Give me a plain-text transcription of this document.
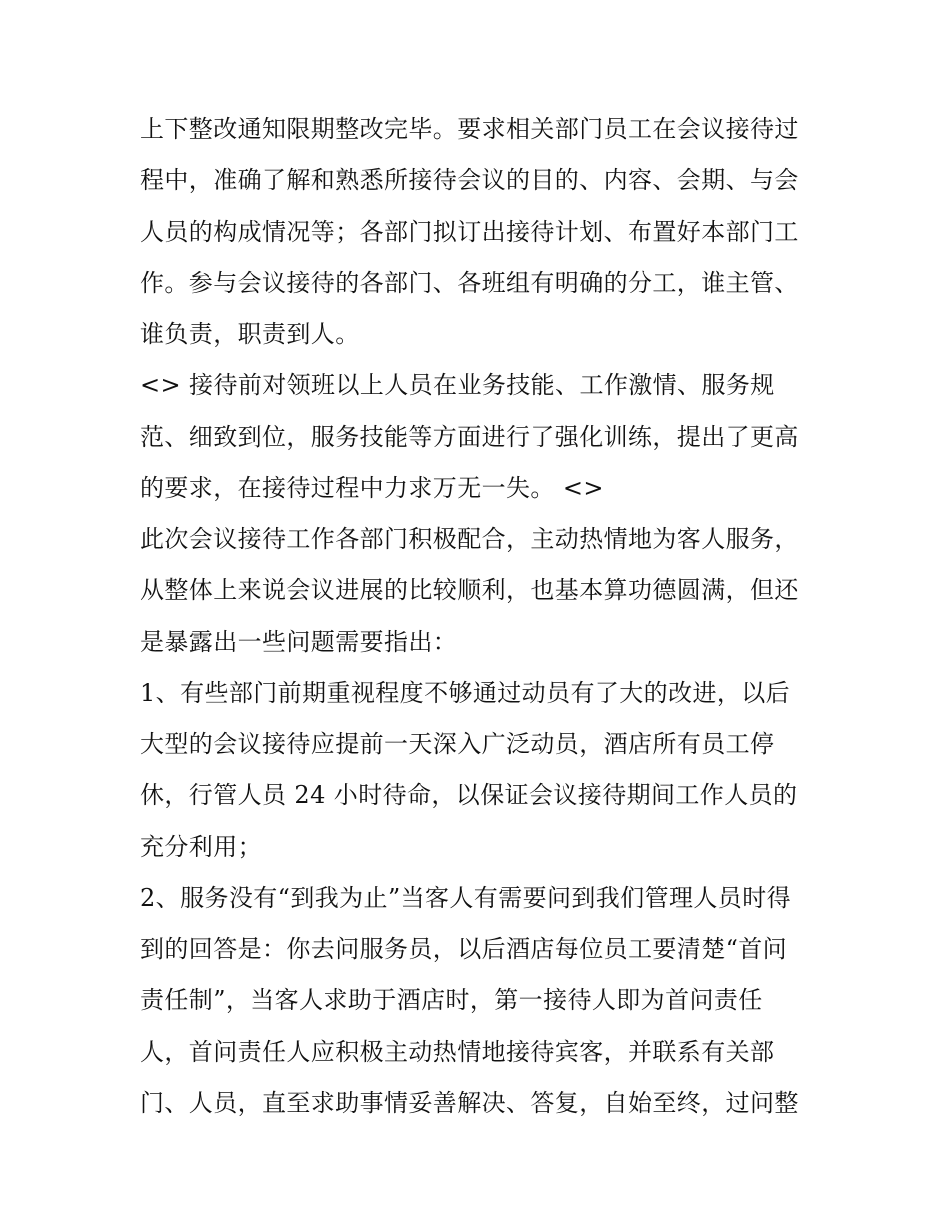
上下整改通知限期整改完毕。要求相关部门员工在会议接待过
程中，准确了解和熟悉所接待会议的目的、内容、会期、与会
人员的构成情况等；各部门拟订出接待计划、布置好本部门工
作。参与会议接待的各部门、各班组有明确的分工，谁主管、
谁负责，职责到人。
<> 接待前对领班以上人员在业务技能、工作激情、服务规
范、细致到位，服务技能等方面进行了强化训练，提出了更高
的要求，在接待过程中力求万无一失。 <>
此次会议接待工作各部门积极配合，主动热情地为客人服务，
从整体上来说会议进展的比较顺利，也基本算功德圆满，但还
是暴露出一些问题需要指出：
1、有些部门前期重视程度不够通过动员有了大的改进，以后
大型的会议接待应提前一天深入广泛动员，酒店所有员工停
休，行管人员 24 小时待命，以保证会议接待期间工作人员的
充分利用；
2、服务没有“到我为止”当客人有需要问到我们管理人员时得
到的回答是：你去问服务员，以后酒店每位员工要清楚“首问
责任制”，当客人求助于酒店时，第一接待人即为首问责任
人，首问责任人应积极主动热情地接待宾客，并联系有关部
门、人员，直至求助事情妥善解决、答复，自始至终，过问整
